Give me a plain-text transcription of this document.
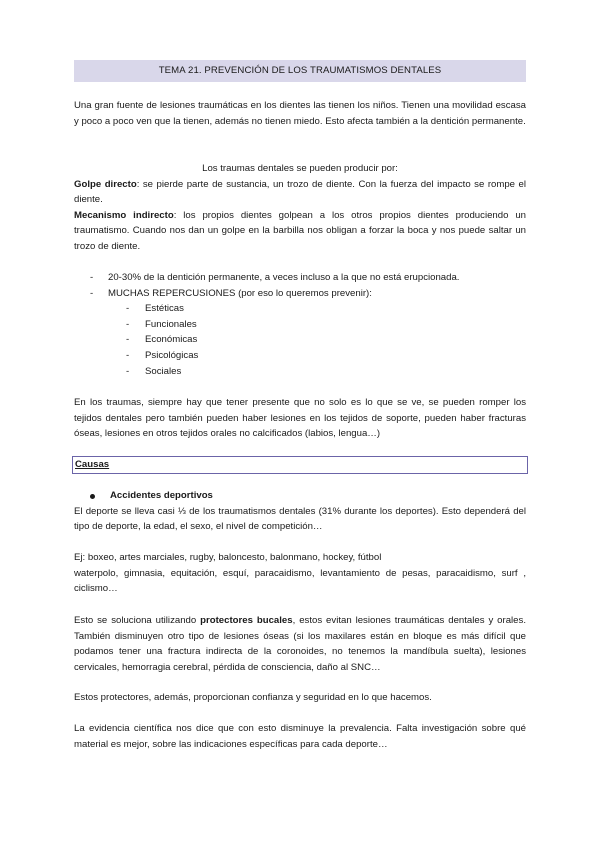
TEMA 21. PREVENCIÓN DE LOS TRAUMATISMOS DENTALES

Una gran fuente de lesiones traumáticas en los dientes las tienen los niños. Tienen una movilidad escasa y poco a poco ven que la tienen, además no tienen miedo. Esto afecta también a la dentición permanente.

Los traumas dentales se pueden producir por:

Golpe directo: se pierde parte de sustancia, un trozo de diente. Con la fuerza del impacto se rompe el diente.

Mecanismo indirecto: los propios dientes golpean a los otros propios dientes produciendo un traumatismo. Cuando nos dan un golpe en la barbilla nos obligan a forzar la boca y nos puede saltar un trozo de diente.

- 20-30% de la dentición permanente, a veces incluso a la que no está erupcionada.
- MUCHAS REPERCUSIONES (por eso lo queremos prevenir):
- Estéticas
- Funcionales
- Económicas
- Psicológicas
- Sociales

En los traumas, siempre hay que tener presente que no solo es lo que se ve, se pueden romper los tejidos dentales pero también pueden haber lesiones en los tejidos de soporte, pueden haber fracturas óseas, lesiones en otros tejidos orales no calcificados (labios, lengua…)

Causas
Accidentes deportivos

El deporte se lleva casi ⅓ de los traumatismos dentales (31% durante los deportes). Esto dependerá del tipo de deporte, la edad, el sexo, el nivel de competición…

Ej: boxeo, artes marciales, rugby, baloncesto, balonmano, hockey, fútbol

waterpolo, gimnasia, equitación, esquí, paracaidismo, levantamiento de pesas, paracaidismo, surf , ciclismo…

Esto se soluciona utilizando protectores bucales, estos evitan lesiones traumáticas dentales y orales. También disminuyen otro tipo de lesiones óseas (si los maxilares están en bloque es más difícil que podamos tener una fractura indirecta de la coronoides, no tenemos la mandíbula suelta), lesiones cervicales, hemorragia cerebral, pérdida de consciencia, daño al SNC…

Estos protectores, además, proporcionan confianza y seguridad en lo que hacemos.

La evidencia científica nos dice que con esto disminuye la prevalencia. Falta investigación sobre qué material es mejor, sobre las indicaciones específicas para cada deporte…
